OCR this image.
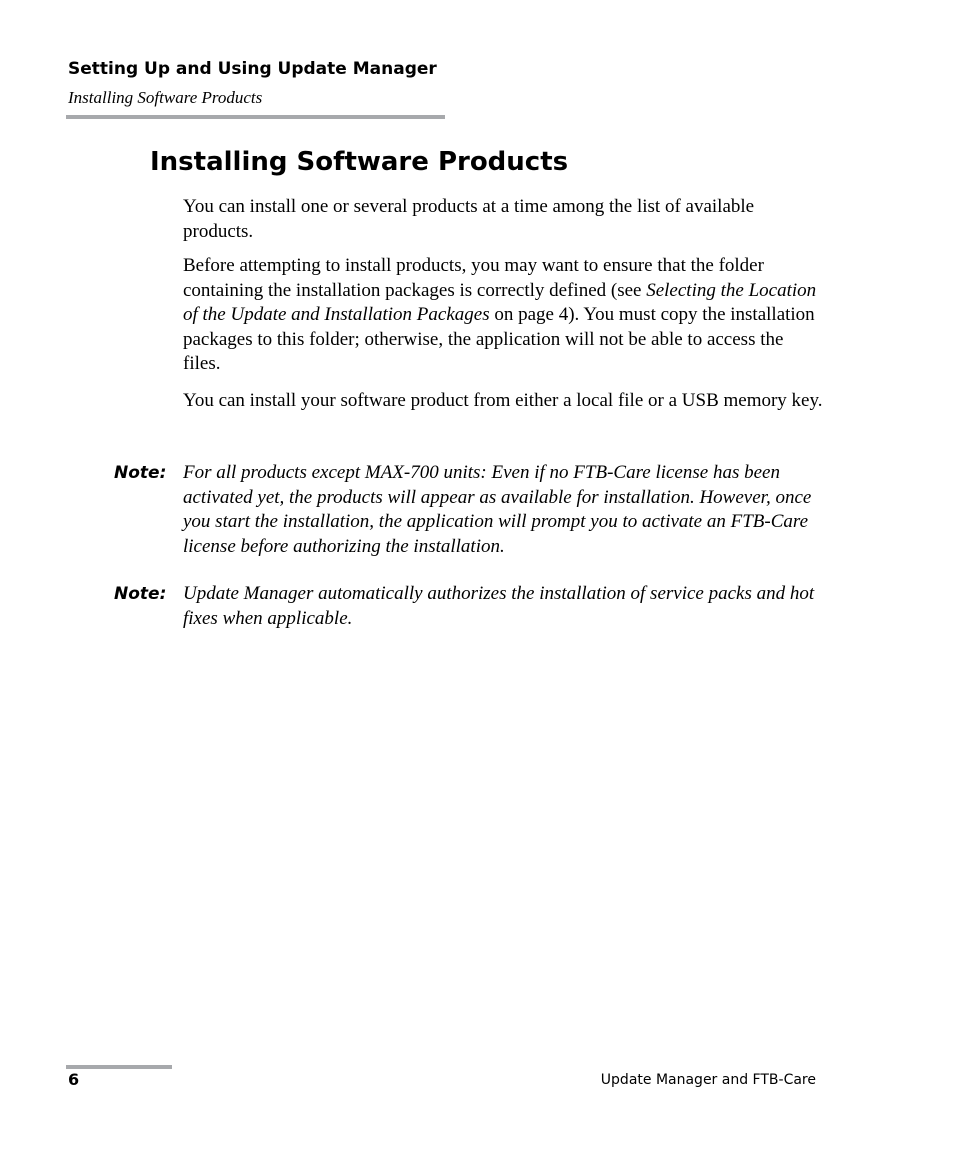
Setting Up and Using Update Manager
Installing Software Products
Installing Software Products

You can install one or several products at a time among the list of available products.

Before attempting to install products, you may want to ensure that the folder containing the installation packages is correctly defined (see Selecting the Location of the Update and Installation Packages on page 4). You must copy the installation packages to this folder; otherwise, the application will not be able to access the files.

You can install your software product from either a local file or a USB memory key.

Note: For all products except MAX-700 units: Even if no FTB-Care license has been activated yet, the products will appear as available for installation. However, once you start the installation, the application will prompt you to activate an FTB-Care license before authorizing the installation.

Note: Update Manager automatically authorizes the installation of service packs and hot fixes when applicable.

6	Update Manager and FTB-Care
